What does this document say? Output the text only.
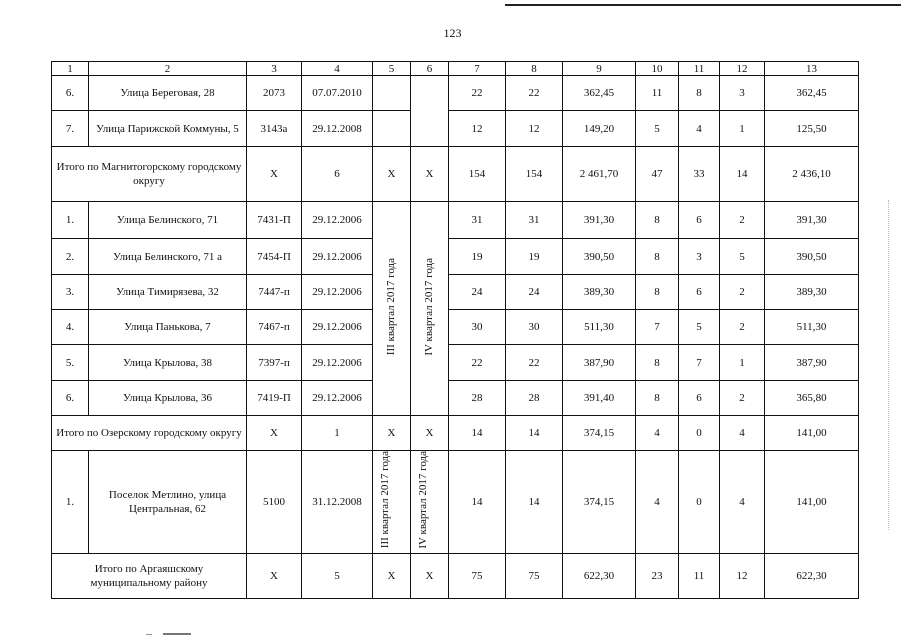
123
1	2	3	4	5	6	7	8	9	10	11	12	13
6.	Улица Береговая, 28	2073	07.07.2010			22	22	362,45	11	8	3	362,45
7.	Улица Парижской Коммуны, 5	3143а	29.12.2008			12	12	149,20	5	4	1	125,50
Итого по Магнитогорскому городскому округу		X	6	X	X	154	154	2 461,70	47	33	14	2 436,10
1.	Улица Белинского, 71	7431-П	29.12.2006	III квартал 2017 года	IV квартал 2017 года	31	31	391,30	8	6	2	391,30
2.	Улица Белинского, 71 а	7454-П	29.12.2006			19	19	390,50	8	3	5	390,50
3.	Улица Тимирязева, 32	7447-п	29.12.2006			24	24	389,30	8	6	2	389,30
4.	Улица Панькова, 7	7467-п	29.12.2006			30	30	511,30	7	5	2	511,30
5.	Улица Крылова, 38	7397-п	29.12.2006			22	22	387,90	8	7	1	387,90
6.	Улица Крылова, 36	7419-П	29.12.2006			28	28	391,40	8	6	2	365,80
Итого по Озерскому городскому округу		X	1	X	X	14	14	374,15	4	0	4	141,00
1.	Поселок Метлино, улица Центральная, 62	5100	31.12.2008	III квартал 2017 года	IV квартал 2017 года	14	14	374,15	4	0	4	141,00
Итого по Аргаяшскому муниципальному району		X	5	X	X	75	75	622,30	23	11	12	622,30
